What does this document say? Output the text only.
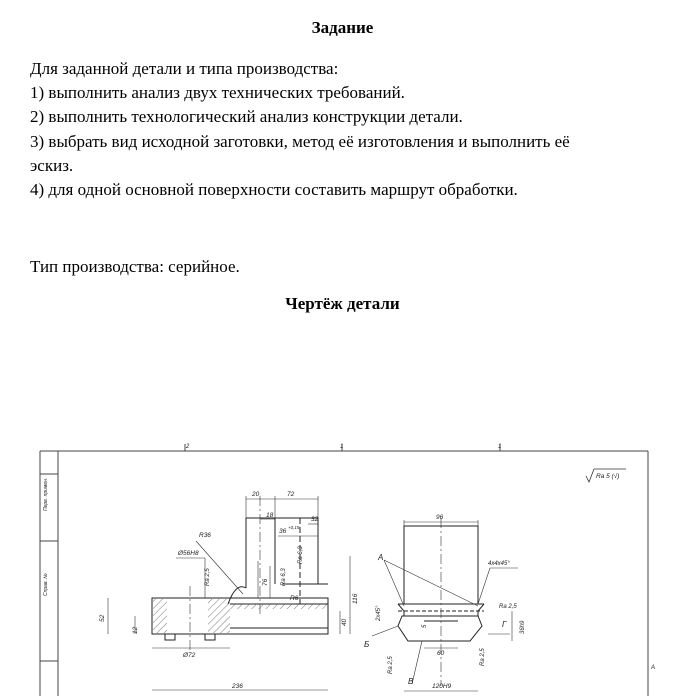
Задание
Для заданной детали и типа производства:
1) выполнить анализ двух технических требований.
2) выполнить технологический анализ конструкции детали.
3) выбрать вид исходной заготовки, метод её изготовления и выполнить её
эскиз.
4) для одной основной поверхности составить маршрут обработки.
Тип производства: серийное.
Чертёж детали
2	1	1
Перв. примен.
Справ. №
Ra 5 (√)
20	72
18
36
+0,15
32
R36
Ø56H8
Ra 2,5	76 Ra 6,3
Ra 6,3
R6	116
40
52
12
Ø72
236
96
4x4x45°
2x45°	Ra 2,5
36h9
5
60
Ra 2,5	Ra 2,5
120H9
А
Б
В
Г
А
